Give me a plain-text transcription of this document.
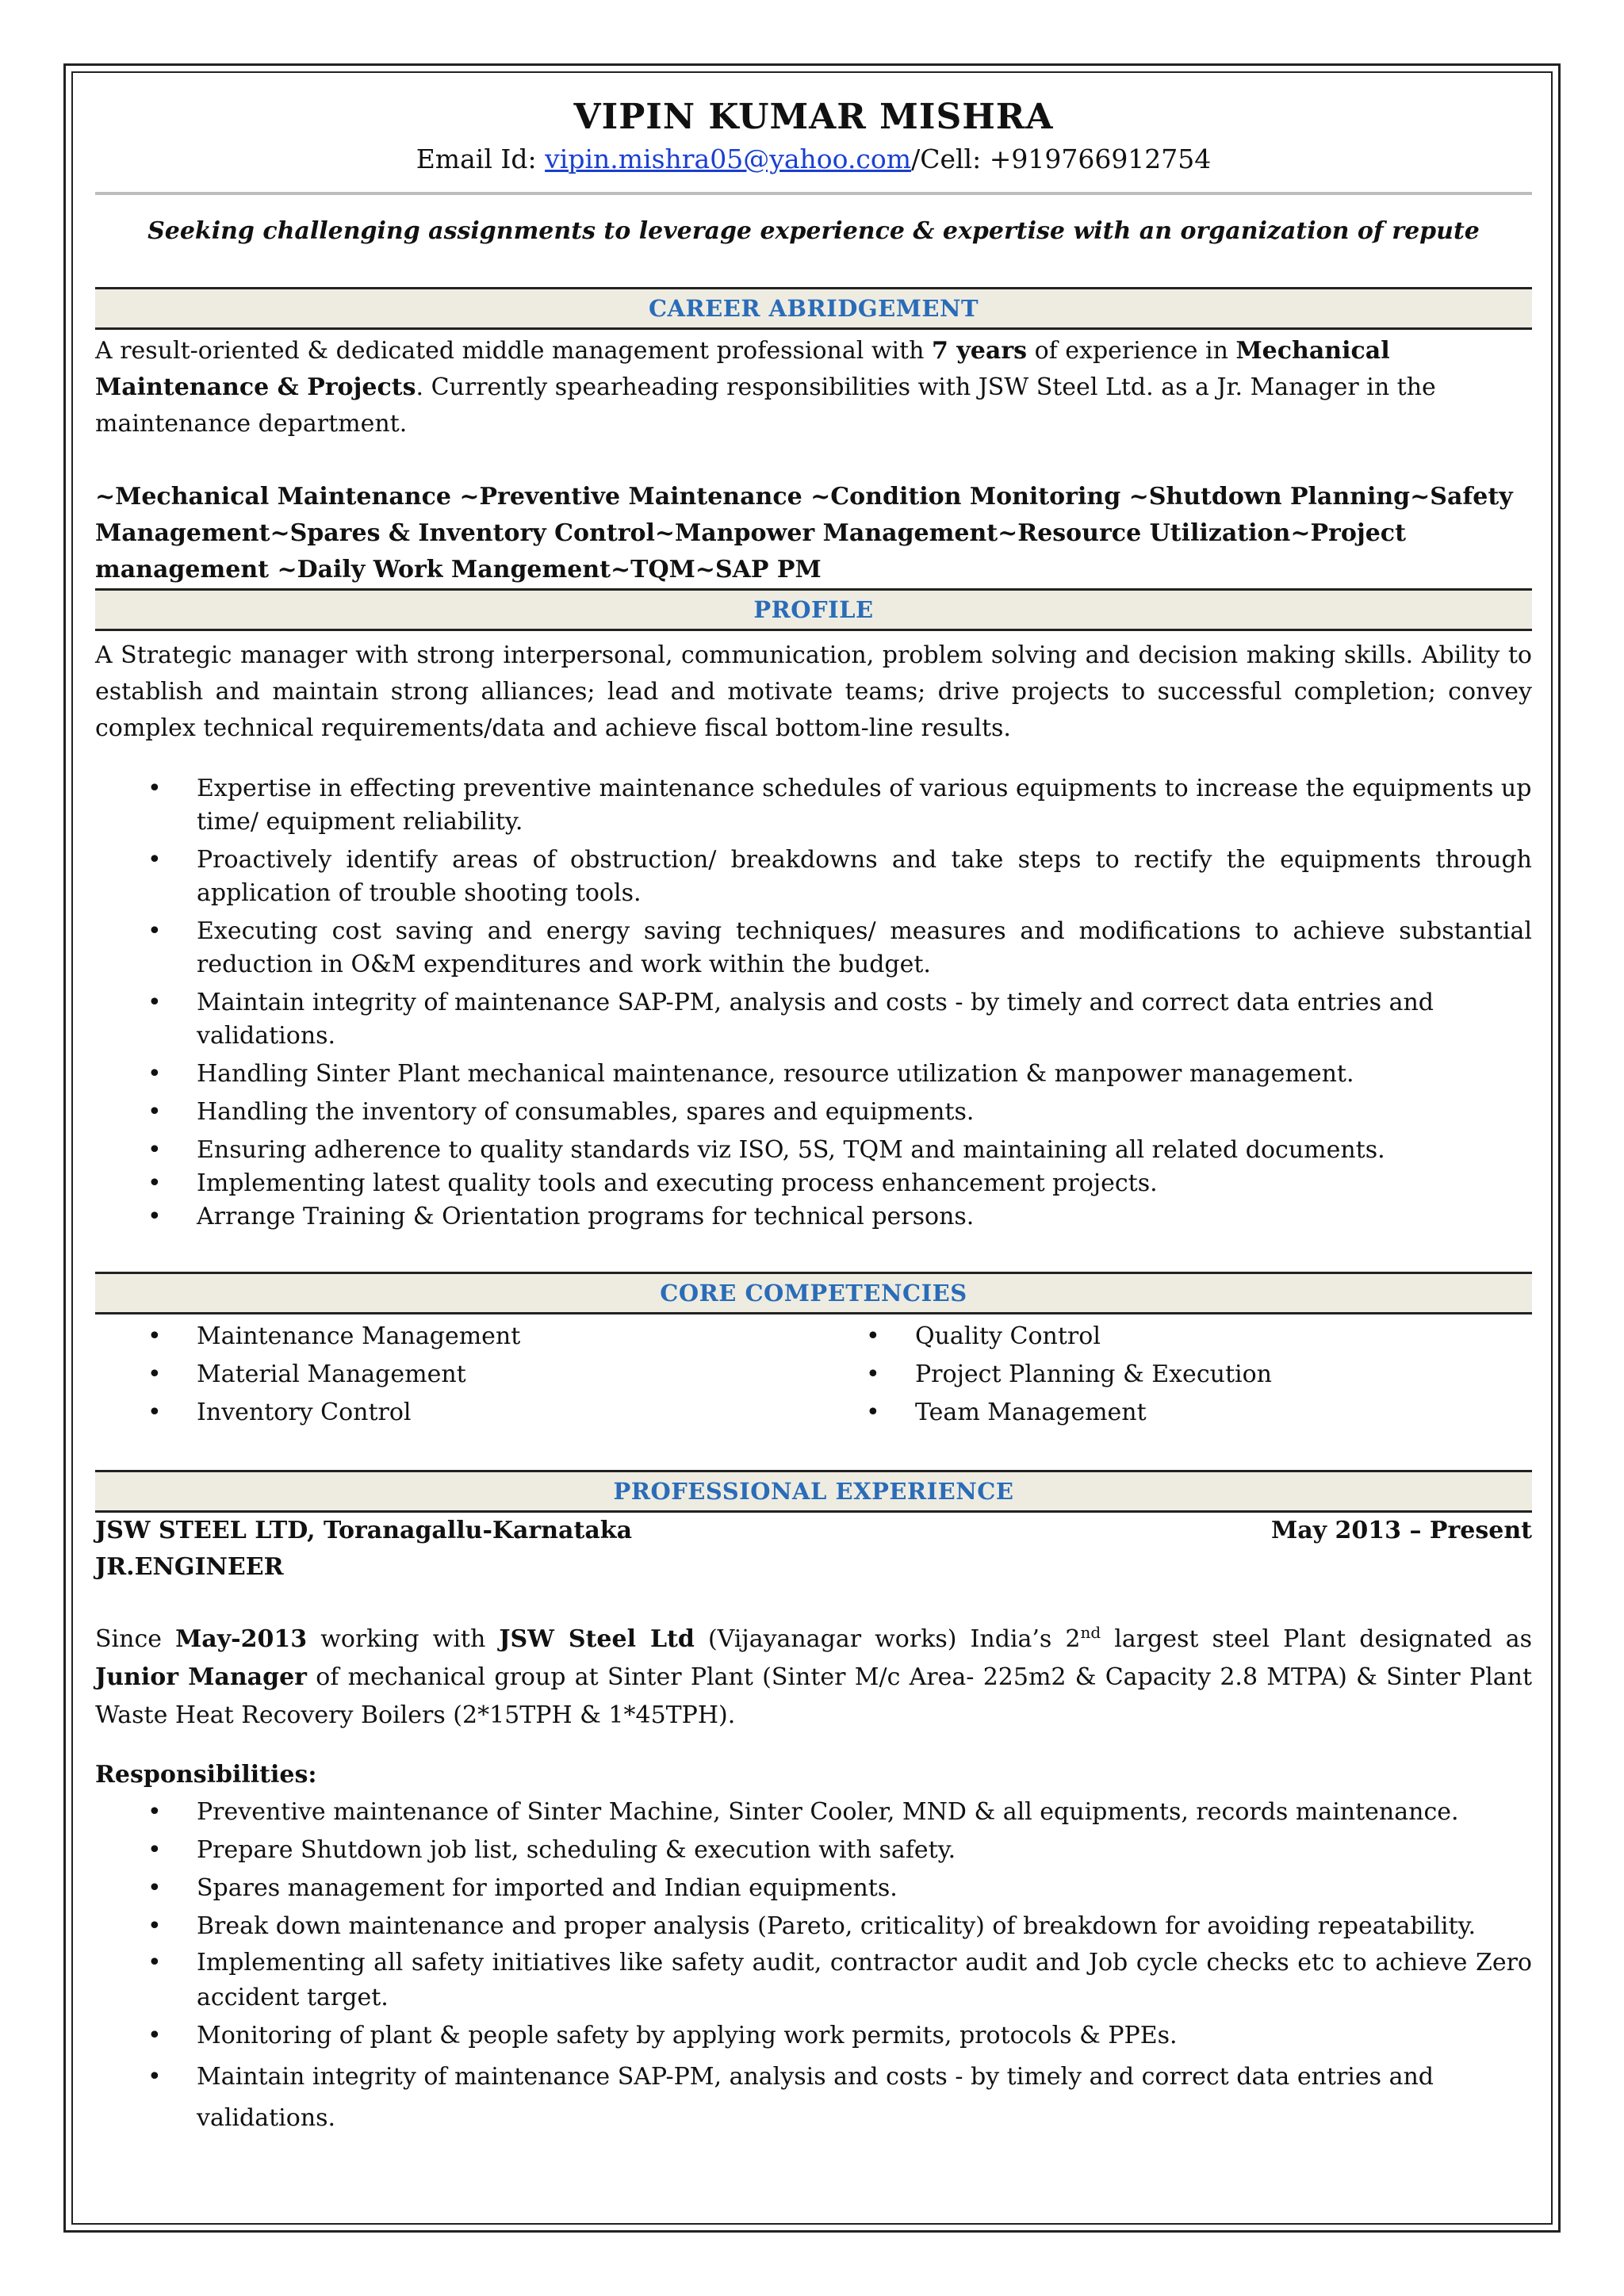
VIPIN KUMAR MISHRA

Email Id: vipin.mishra05@yahoo.com/Cell: +919766912754

Seeking challenging assignments to leverage experience & expertise with an organization of repute

CAREER ABRIDGEMENT

A result-oriented & dedicated middle management professional with 7 years of experience in Mechanical Maintenance & Projects. Currently spearheading responsibilities with JSW Steel Ltd. as a Jr. Manager in the maintenance department.

~Mechanical Maintenance ~Preventive Maintenance ~Condition Monitoring ~Shutdown Planning~Safety Management~Spares & Inventory Control~Manpower Management~Resource Utilization~Project management ~Daily Work Mangement~TQM~SAP PM

PROFILE

A Strategic manager with strong interpersonal, communication, problem solving and decision making skills. Ability to establish and maintain strong alliances; lead and motivate teams; drive projects to successful completion; convey complex technical requirements/data and achieve fiscal bottom-line results.

• Expertise in effecting preventive maintenance schedules of various equipments to increase the equipments up time/ equipment reliability.
• Proactively identify areas of obstruction/ breakdowns and take steps to rectify the equipments through application of trouble shooting tools.
• Executing cost saving and energy saving techniques/ measures and modifications to achieve substantial reduction in O&M expenditures and work within the budget.
• Maintain integrity of maintenance SAP-PM, analysis and costs - by timely and correct data entries and validations.
• Handling Sinter Plant mechanical maintenance, resource utilization & manpower management.
• Handling the inventory of consumables, spares and equipments.
• Ensuring adherence to quality standards viz ISO, 5S, TQM and maintaining all related documents.
• Implementing latest quality tools and executing process enhancement projects.
• Arrange Training & Orientation programs for technical persons.
CORE COMPETENCIES
• Maintenance Management
• Material Management
• Inventory Control
• Quality Control
• Project Planning & Execution
• Team Management
PROFESSIONAL EXPERIENCE
JSW STEEL LTD, Toranagallu-Karnataka	May 2013 – Present

JR.ENGINEER

Since May-2013 working with JSW Steel Ltd (Vijayanagar works) India’s 2nd largest steel Plant designated as Junior Manager of mechanical group at Sinter Plant (Sinter M/c Area- 225m2 & Capacity 2.8 MTPA) & Sinter Plant Waste Heat Recovery Boilers (2*15TPH & 1*45TPH).

Responsibilities:

• Preventive maintenance of Sinter Machine, Sinter Cooler, MND & all equipments, records maintenance.
• Prepare Shutdown job list, scheduling & execution with safety.
• Spares management for imported and Indian equipments.
• Break down maintenance and proper analysis (Pareto, criticality) of breakdown for avoiding repeatability.
• Implementing all safety initiatives like safety audit, contractor audit and Job cycle checks etc to achieve Zero accident target.
• Monitoring of plant & people safety by applying work permits, protocols & PPEs.
• Maintain integrity of maintenance SAP-PM, analysis and costs - by timely and correct data entries and validations.
